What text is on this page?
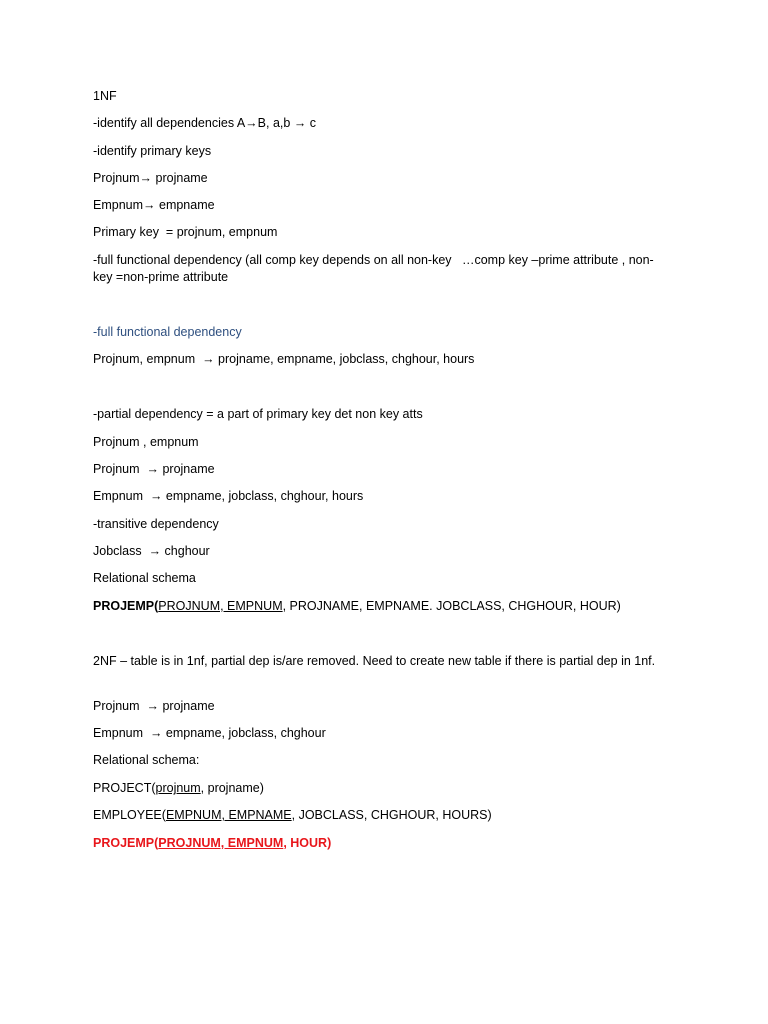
1NF
-identify all dependencies A→B, a,b → c
-identify primary keys
Projnum→ projname
Empnum→ empname
Primary key  = projnum, empnum
-full functional dependency (all comp key depends on all non-key   …comp key –prime attribute , non-key =non-prime attribute
-full functional dependency
Projnum, empnum  → projname, empname, jobclass, chghour, hours
-partial dependency = a part of primary key det non key atts
Projnum , empnum
Projnum  → projname
Empnum  → empname, jobclass, chghour, hours
-transitive dependency
Jobclass  → chghour
Relational schema
PROJEMP(PROJNUM, EMPNUM, PROJNAME, EMPNAME. JOBCLASS, CHGHOUR, HOUR)
2NF – table is in 1nf, partial dep is/are removed. Need to create new table if there is partial dep in 1nf.
Projnum  → projname
Empnum  → empname, jobclass, chghour
Relational schema:
PROJECT(projnum, projname)
EMPLOYEE(EMPNUM, EMPNAME, JOBCLASS, CHGHOUR, HOURS)
PROJEMP(PROJNUM, EMPNUM, HOUR)
